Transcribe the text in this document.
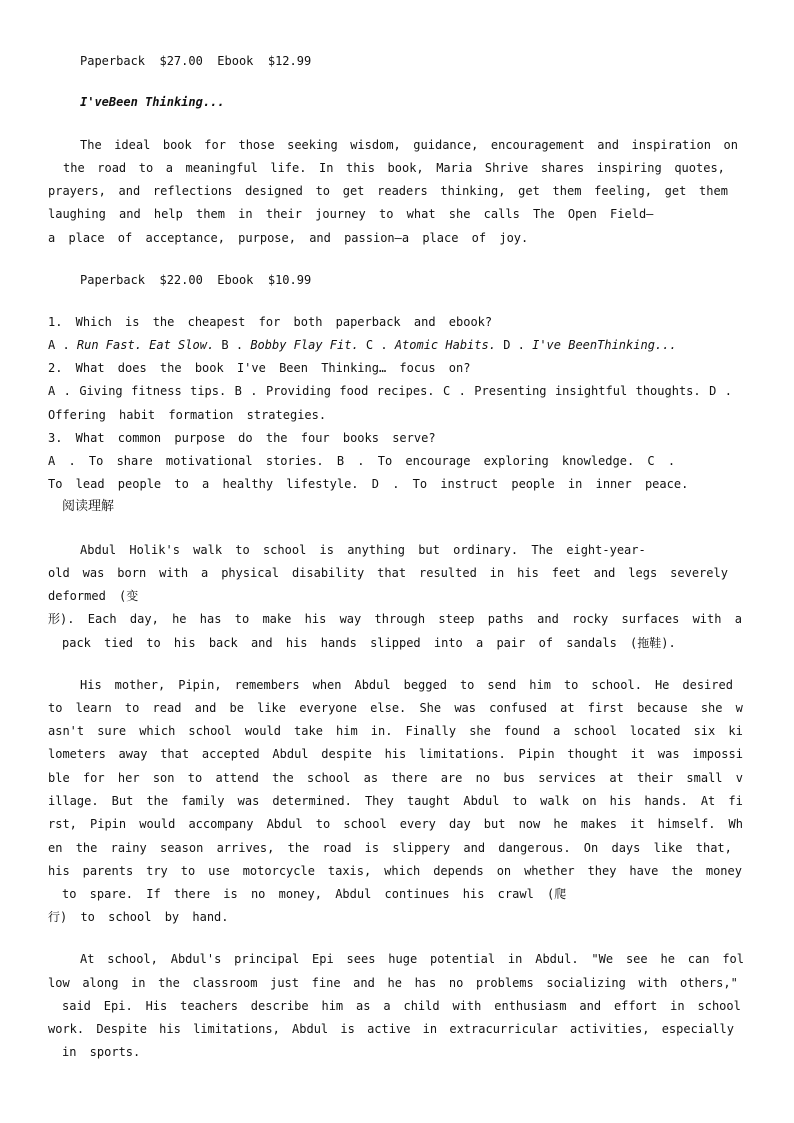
Paperback  $27.00  Ebook  $12.99
I'veBeen Thinking...
The ideal book for those seeking wisdom, guidance, encouragement and inspiration on
the road to a meaningful life. In this book, Maria Shrive shares inspiring quotes,
prayers, and reflections designed to get readers thinking, get them feeling, get them
laughing and help them in their journey to what she calls The Open Field—
a place of acceptance, purpose, and passion—a place of joy.
Paperback  $22.00  Ebook  $10.99
1. Which is the cheapest for both paperback and ebook?
A . Run Fast. Eat Slow. B . Bobby Flay Fit. C . Atomic Habits. D . I've BeenThinking...
2. What does the book I've Been Thinking… focus on?
A . Giving fitness tips. B . Providing food recipes. C . Presenting insightful thoughts. D .
Offering habit formation strategies.
3. What common purpose do the four books serve?
A . To share motivational stories. B . To encourage exploring knowledge. C .
To lead people to a healthy lifestyle. D . To instruct people in inner peace.
阅读理解
Abdul Holik's walk to school is anything but ordinary. The eight-year-
old was born with a physical disability that resulted in his feet and legs severely
deformed (变
形). Each day, he has to make his way through steep paths and rocky surfaces with a
pack tied to his back and his hands slipped into a pair of sandals (拖鞋).
His mother, Pipin, remembers when Abdul begged to send him to school. He desired
to learn to read and be like everyone else. She was confused at first because she w
asn't sure which school would take him in. Finally she found a school located six ki
lometers away that accepted Abdul despite his limitations. Pipin thought it was impossi
ble for her son to attend the school as there are no bus services at their small v
illage. But the family was determined. They taught Abdul to walk on his hands. At fi
rst, Pipin would accompany Abdul to school every day but now he makes it himself. Wh
en the rainy season arrives, the road is slippery and dangerous. On days like that,
his parents try to use motorcycle taxis, which depends on whether they have the money
to spare. If there is no money, Abdul continues his crawl (爬
行) to school by hand.
At school, Abdul's principal Epi sees huge potential in Abdul. "We see he can fol
low along in the classroom just fine and he has no problems socializing with others,"
said Epi. His teachers describe him as a child with enthusiasm and effort in school
work. Despite his limitations, Abdul is active in extracurricular activities, especially
in sports.
